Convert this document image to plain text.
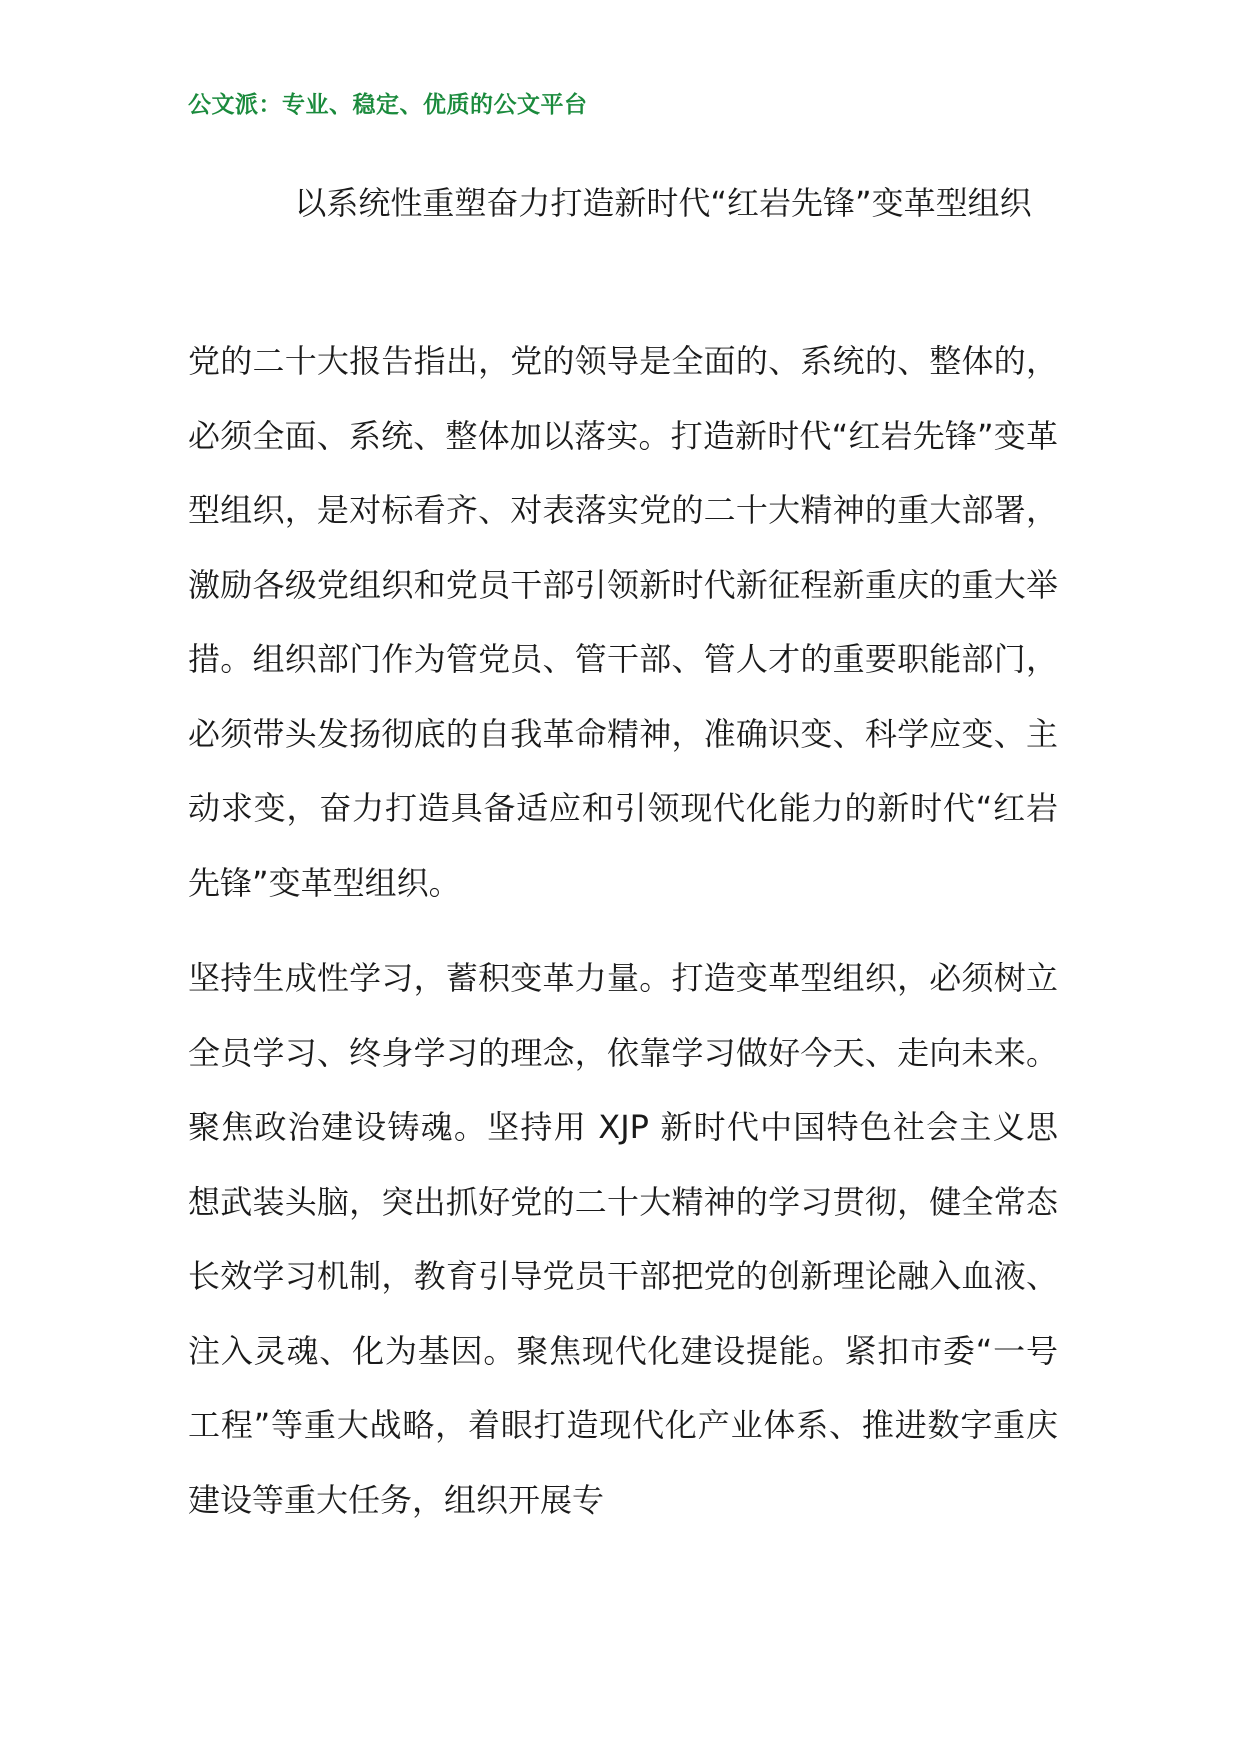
公文派：专业、稳定、优质的公文平台
以系统性重塑奋力打造新时代“红岩先锋”变革型组织

党的二十大报告指出，党的领导是全面的、系统的、整体的，必须全面、系统、整体加以落实。打造新时代“红岩先锋”变革型组织，是对标看齐、对表落实党的二十大精神的重大部署，激励各级党组织和党员干部引领新时代新征程新重庆的重大举措。组织部门作为管党员、管干部、管人才的重要职能部门，必须带头发扬彻底的自我革命精神，准确识变、科学应变、主动求变，奋力打造具备适应和引领现代化能力的新时代“红岩先锋”变革型组织。

坚持生成性学习，蓄积变革力量。打造变革型组织，必须树立全员学习、终身学习的理念，依靠学习做好今天、走向未来。聚焦政治建设铸魂。坚持用 XJP 新时代中国特色社会主义思想武装头脑，突出抓好党的二十大精神的学习贯彻，健全常态长效学习机制，教育引导党员干部把党的创新理论融入血液、注入灵魂、化为基因。聚焦现代化建设提能。紧扣市委“一号工程”等重大战略，着眼打造现代化产业体系、推进数字重庆建设等重大任务，组织开展专
